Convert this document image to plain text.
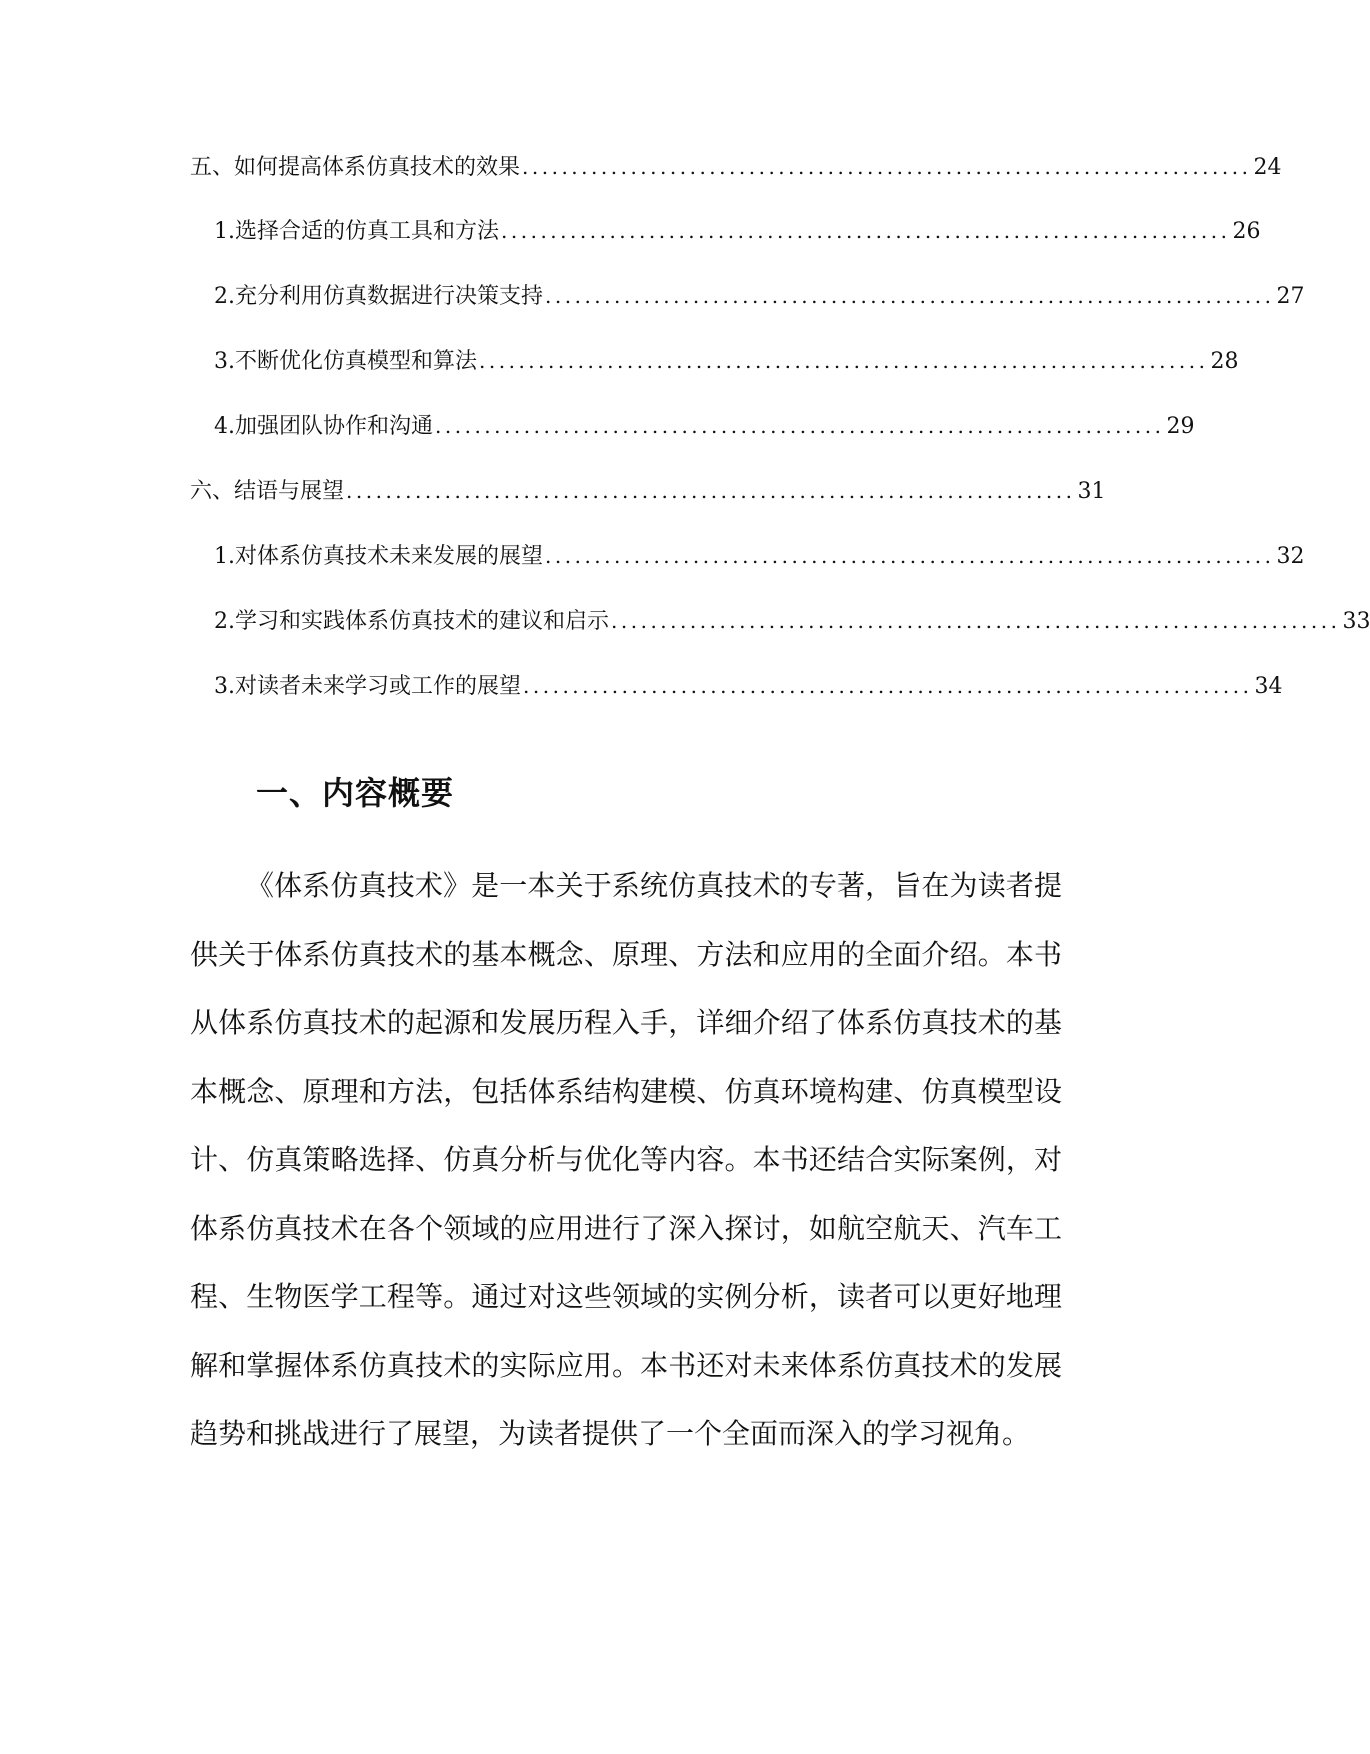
五、如何提高体系仿真技术的效果 .......................................................................... 24
1. 选择合适的仿真工具和方法 .......................................................................... 26
2. 充分利用仿真数据进行决策支持 .......................................................................... 27
3. 不断优化仿真模型和算法 .......................................................................... 28
4. 加强团队协作和沟通 .......................................................................... 29
六、结语与展望 .......................................................................... 31
1. 对体系仿真技术未来发展的展望 .......................................................................... 32
2. 学习和实践体系仿真技术的建议和启示 .......................................................................... 33
3. 对读者未来学习或工作的展望 .......................................................................... 34
一、内容概要

《体系仿真技术》是一本关于系统仿真技术的专著，旨在为读者提供关于体系仿真技术的基本概念、原理、方法和应用的全面介绍。本书从体系仿真技术的起源和发展历程入手，详细介绍了体系仿真技术的基本概念、原理和方法，包括体系结构建模、仿真环境构建、仿真模型设计、仿真策略选择、仿真分析与优化等内容。本书还结合实际案例，对体系仿真技术在各个领域的应用进行了深入探讨，如航空航天、汽车工程、生物医学工程等。通过对这些领域的实例分析，读者可以更好地理解和掌握体系仿真技术的实际应用。本书还对未来体系仿真技术的发展趋势和挑战进行了展望，为读者提供了一个全面而深入的学习视角。
